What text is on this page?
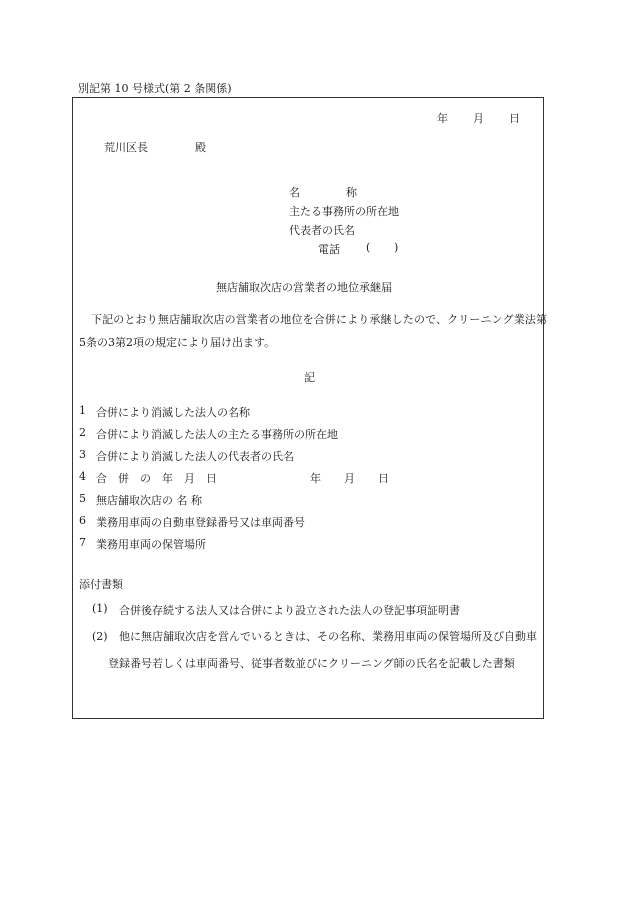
別記第 10 号様式(第 2 条関係)
年 月 日
荒川区長	殿
名	称
主たる事務所の所在地
代表者の氏名
電話 ( )
無店舗取次店の営業者の地位承継届
下記のとおり無店舗取次店の営業者の地位を合併により承継したので、クリーニング業法第5条の3第2項の規定により届け出ます。
記
1 合併により消滅した法人の名称
2 合併により消滅した法人の主たる事務所の所在地
3 合併により消滅した法人の代表者の氏名
4 合　併　の　年　月　日	年 月 日
5 無店舗取次店の 名 称
6 業務用車両の自動車登録番号又は車両番号
7 業務用車両の保管場所
添付書類
(1) 合併後存続する法人又は合併により設立された法人の登記事項証明書
(2)	他に無店舗取次店を営んでいるときは、その名称、業務用車両の保管場所及び自動車登録番号若しくは車両番号、従事者数並びにクリーニング師の氏名を記載した書類
